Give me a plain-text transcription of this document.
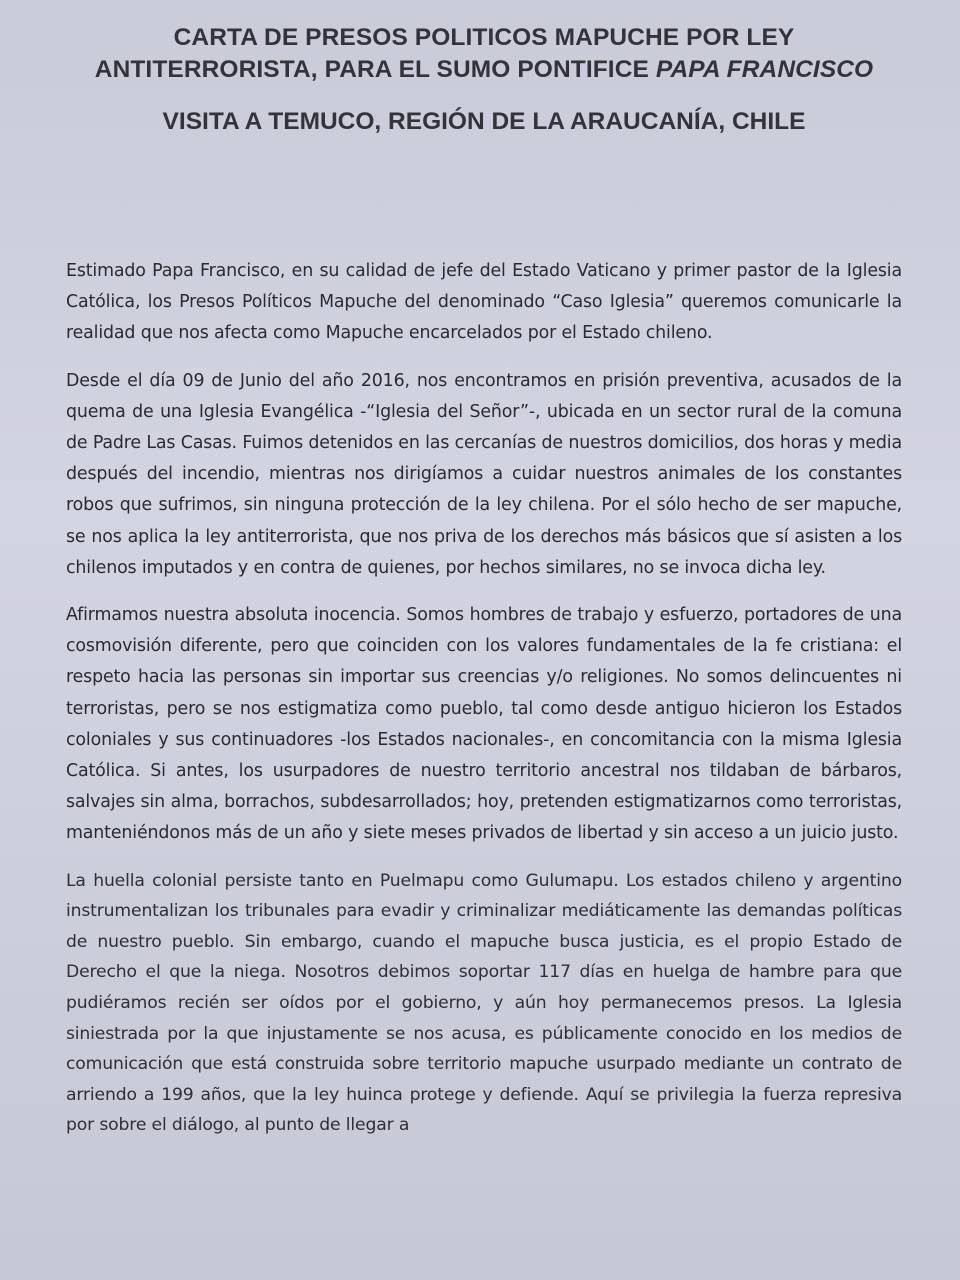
CARTA DE PRESOS POLITICOS MAPUCHE POR LEY
ANTITERRORISTA, PARA EL SUMO PONTIFICE PAPA FRANCISCO
VISITA A TEMUCO, REGIÓN DE LA ARAUCANÍA, CHILE

Estimado Papa Francisco, en su calidad de jefe del Estado Vaticano y primer pastor de la Iglesia Católica, los Presos Políticos Mapuche del denominado “Caso Iglesia” queremos comunicarle la realidad que nos afecta como Mapuche encarcelados por el Estado chileno.

Desde el día 09 de Junio del año 2016, nos encontramos en prisión preventiva, acusados de la quema de una Iglesia Evangélica -“Iglesia del Señor”-, ubicada en un sector rural de la comuna de Padre Las Casas. Fuimos detenidos en las cercanías de nuestros domicilios, dos horas y media después del incendio, mientras nos dirigíamos a cuidar nuestros animales de los constantes robos que sufrimos, sin ninguna protección de la ley chilena. Por el sólo hecho de ser mapuche, se nos aplica la ley antiterrorista, que nos priva de los derechos más básicos que sí asisten a los chilenos imputados y en contra de quienes, por hechos similares, no se invoca dicha ley.

Afirmamos nuestra absoluta inocencia. Somos hombres de trabajo y esfuerzo, portadores de una cosmovisión diferente, pero que coinciden con los valores fundamentales de la fe cristiana: el respeto hacia las personas sin importar sus creencias y/o religiones. No somos delincuentes ni terroristas, pero se nos estigmatiza como pueblo, tal como desde antiguo hicieron los Estados coloniales y sus continuadores -los Estados nacionales-, en concomitancia con la misma Iglesia Católica. Si antes, los usurpadores de nuestro territorio ancestral nos tildaban de bárbaros, salvajes sin alma, borrachos, subdesarrollados; hoy, pretenden estigmatizarnos como terroristas, manteniéndonos más de un año y siete meses privados de libertad y sin acceso a un juicio justo.

La huella colonial persiste tanto en Puelmapu como Gulumapu. Los estados chileno y argentino instrumentalizan los tribunales para evadir y criminalizar mediáticamente las demandas políticas de nuestro pueblo. Sin embargo, cuando el mapuche busca justicia, es el propio Estado de Derecho el que la niega. Nosotros debimos soportar 117 días en huelga de hambre para que pudiéramos recién ser oídos por el gobierno, y aún hoy permanecemos presos. La Iglesia siniestrada por la que injustamente se nos acusa, es públicamente conocido en los medios de comunicación que está construida sobre territorio mapuche usurpado mediante un contrato de arriendo a 199 años, que la ley huinca protege y defiende. Aquí se privilegia la fuerza represiva por sobre el diálogo, al punto de llegar a
